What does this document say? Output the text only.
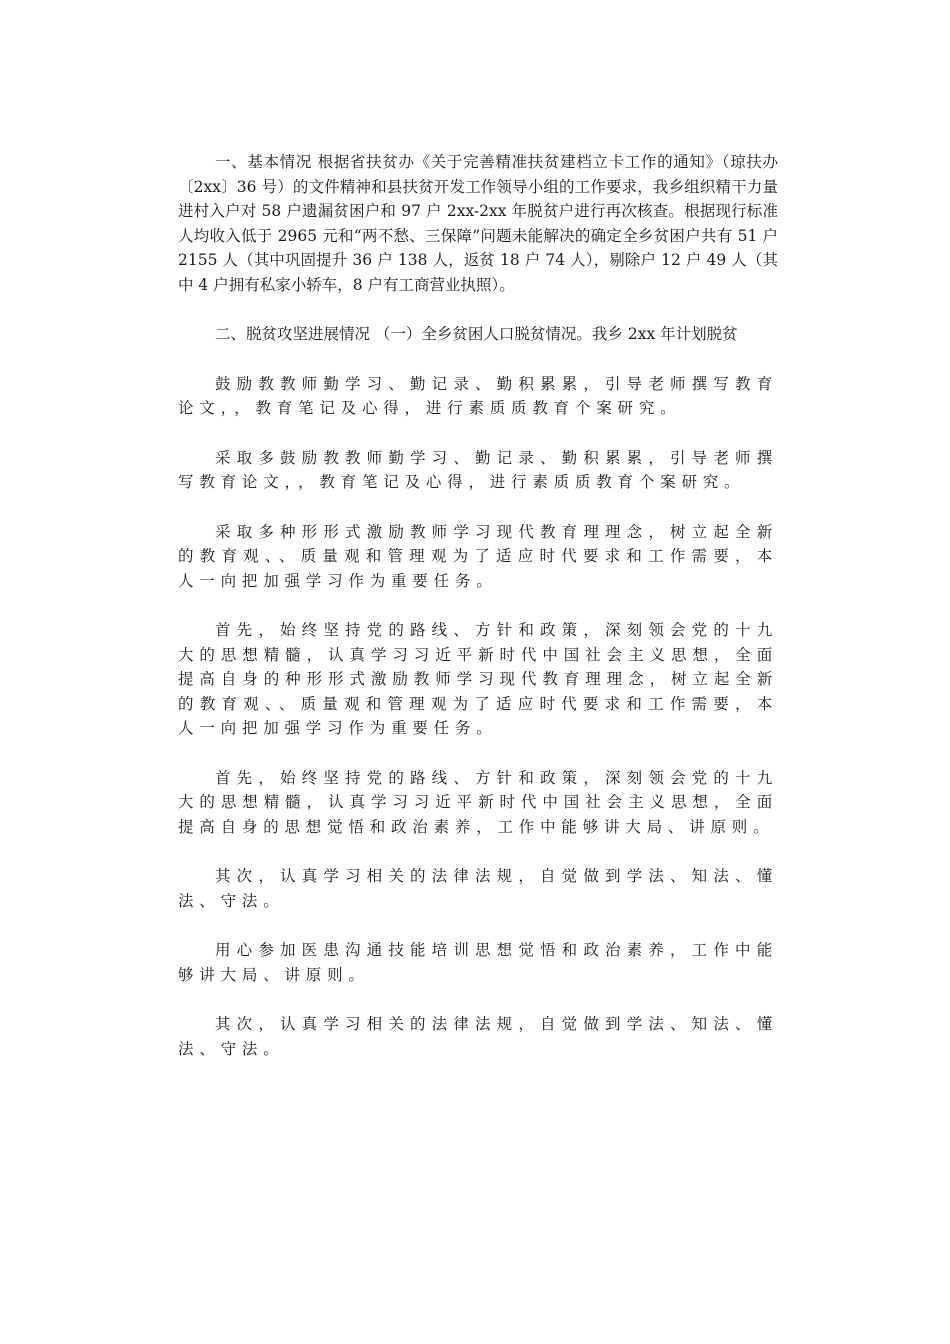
一、基本情况 根据省扶贫办《关于完善精准扶贫建档立卡工作的通知》（琼扶办〔2xx〕36 号）的文件精神和县扶贫开发工作领导小组的工作要求，我乡组织精干力量进村入户对 58 户遗漏贫困户和 97 户 2xx-2xx 年脱贫户进行再次核查。根据现行标准人均收入低于 2965 元和“两不愁、三保障”问题未能解决的确定全乡贫困户共有 51 户 2155 人（其中巩固提升 36 户 138 人，返贫 18 户 74 人），剔除户 12 户 49 人（其中 4 户拥有私家小轿车，8 户有工商营业执照）。

二、脱贫攻坚进展情况 （一）全乡贫困人口脱贫情况。我乡 2xx 年计划脱贫

鼓励教教师勤学习、勤记录、勤积累累，引导老师撰写教育论文，，教育笔记及心得，进行素质质教育个案研究。

采取多鼓励教教师勤学习、勤记录、勤积累累，引导老师撰写教育论文，，教育笔记及心得，进行素质质教育个案研究。

采取多种形形式激励教师学习现代教育理理念，树立起全新的教育观、、质量观和管理观为了适应时代要求和工作需要，本人一向把加强学习作为重要任务。

首先，始终坚持党的路线、方针和政策，深刻领会党的十九大的思想精髓，认真学习习近平新时代中国社会主义思想，全面提高自身的种形形式激励教师学习现代教育理理念，树立起全新的教育观、、质量观和管理观为了适应时代要求和工作需要，本人一向把加强学习作为重要任务。

首先，始终坚持党的路线、方针和政策，深刻领会党的十九大的思想精髓，认真学习习近平新时代中国社会主义思想，全面提高自身的思想觉悟和政治素养，工作中能够讲大局、讲原则。

其次，认真学习相关的法律法规，自觉做到学法、知法、懂法、守法。

用心参加医患沟通技能培训思想觉悟和政治素养，工作中能够讲大局、讲原则。

其次，认真学习相关的法律法规，自觉做到学法、知法、懂法、守法。
